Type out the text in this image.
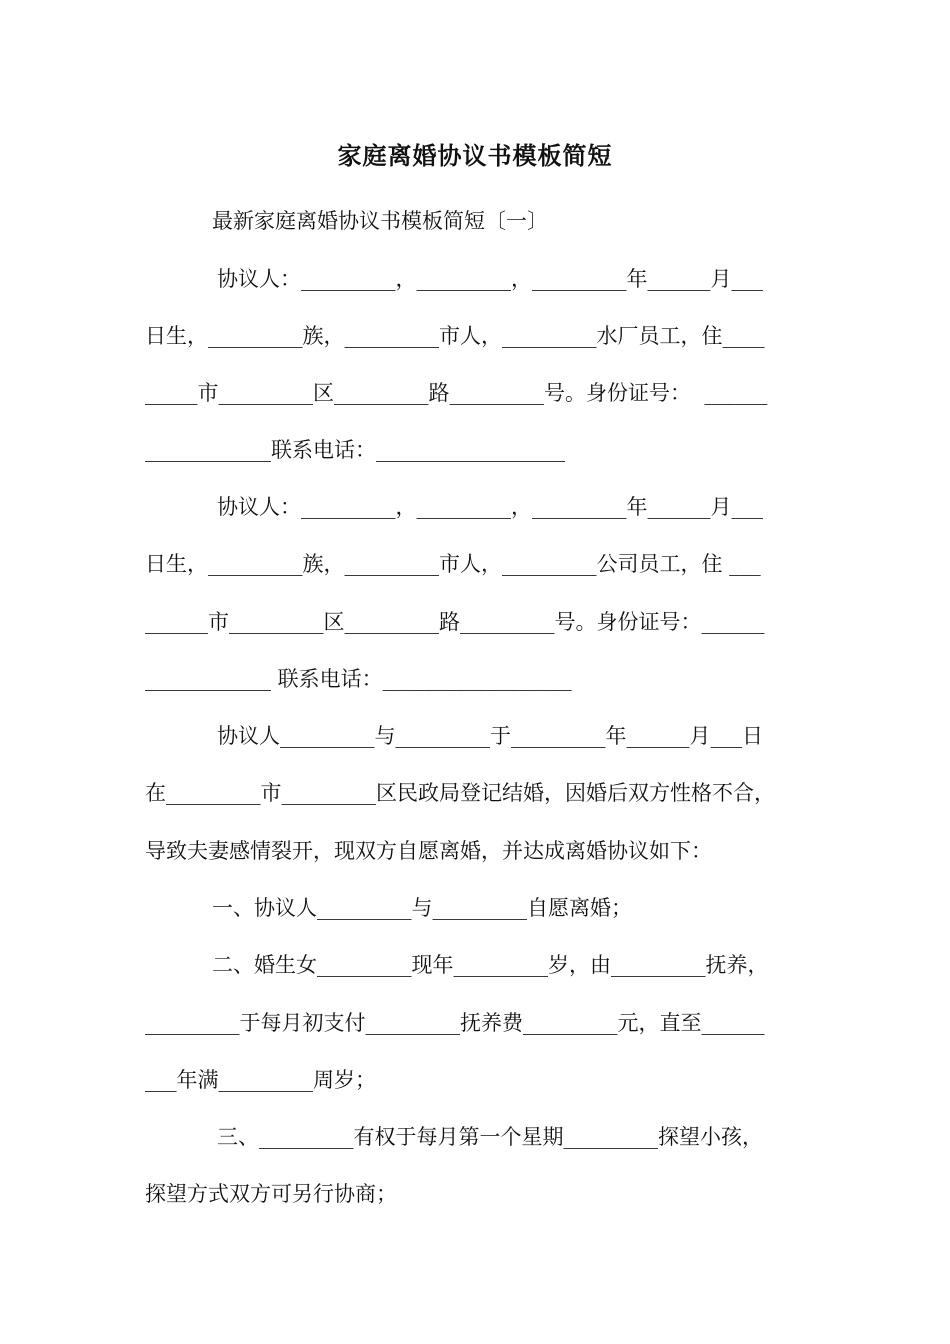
家庭离婚协议书模板简短
最新家庭离婚协议书模板简短〔一〕
协议人：_________，_________，_________年______月___
日生，_________族，_________市人，_________水厂员工，住____
_____市_________区_________路_________号。身份证号：  ______
____________联系电话：__________________
协议人：_________，_________，_________年______月___
日生，_________族，_________市人，_________公司员工，住 ___
______市_________区_________路_________号。身份证号：______
____________ 联系电话：__________________
协议人_________与_________于_________年______月___日
在_________市_________区民政局登记结婚，因婚后双方性格不合，
导致夫妻感情裂开，现双方自愿离婚，并达成离婚协议如下：
一、协议人_________与_________自愿离婚；
二、婚生女_________现年_________岁，由_________抚养，
_________于每月初支付_________抚养费_________元，直至______
___年满_________周岁；
三、_________有权于每月第一个星期_________探望小孩，
探望方式双方可另行协商；
